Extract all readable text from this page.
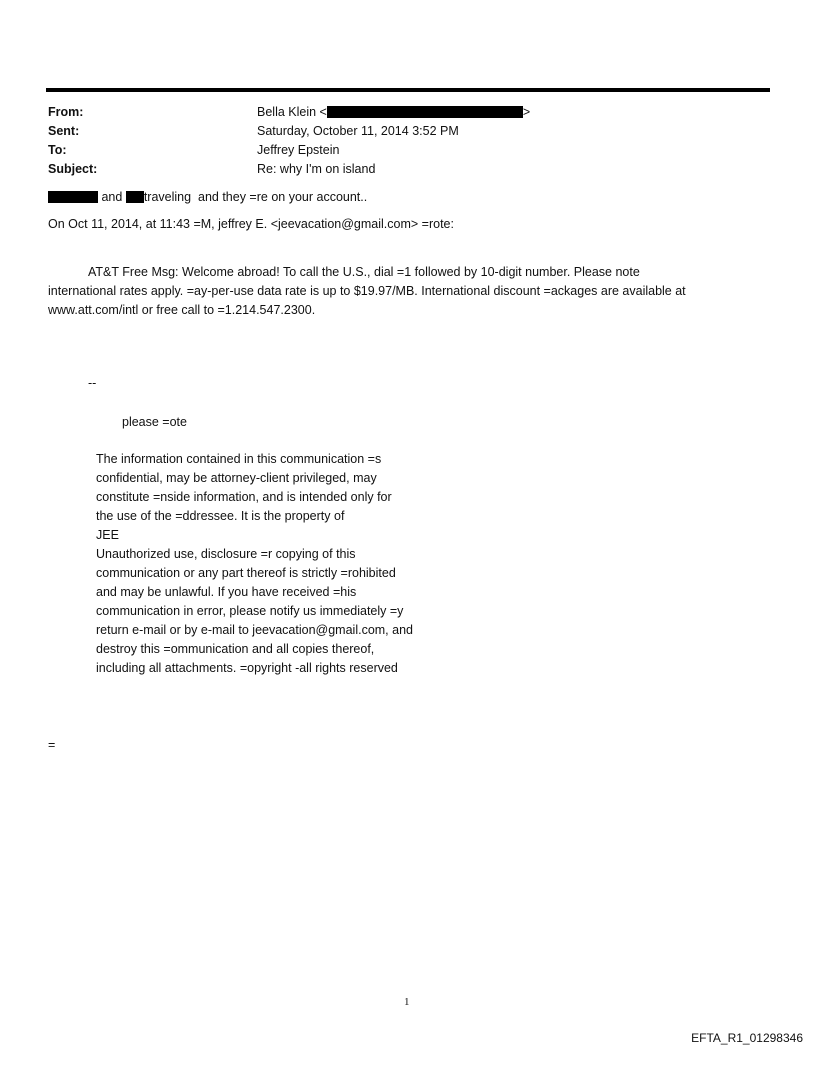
From:	Bella Klein <	>
Sent:	Saturday, October 11, 2014 3:52 PM
To:	Jeffrey Epstein
Subject:	Re: why I'm on island
and traveling  and they =re on your account..
On Oct 11, 2014, at 11:43 =M, jeffrey E. <jeevacation@gmail.com> =rote:
AT&T Free Msg: Welcome abroad! To call the U.S., dial =1 followed by 10-digit number. Please note
international rates apply. =ay-per-use data rate is up to $19.97/MB. International discount =ackages are available at
www.att.com/intl or free call to =1.214.547.2300.
--
please =ote
The information contained in this communication =s
confidential, may be attorney-client privileged, may
constitute =nside information, and is intended only for
the use of the =ddressee. It is the property of
JEE
Unauthorized use, disclosure =r copying of this
communication or any part thereof is strictly =rohibited
and may be unlawful. If you have received =his
communication in error, please notify us immediately =y
return e-mail or by e-mail to jeevacation@gmail.com, and
destroy this =ommunication and all copies thereof,
including all attachments. =opyright -all rights reserved
=
1
EFTA_R1_01298346
